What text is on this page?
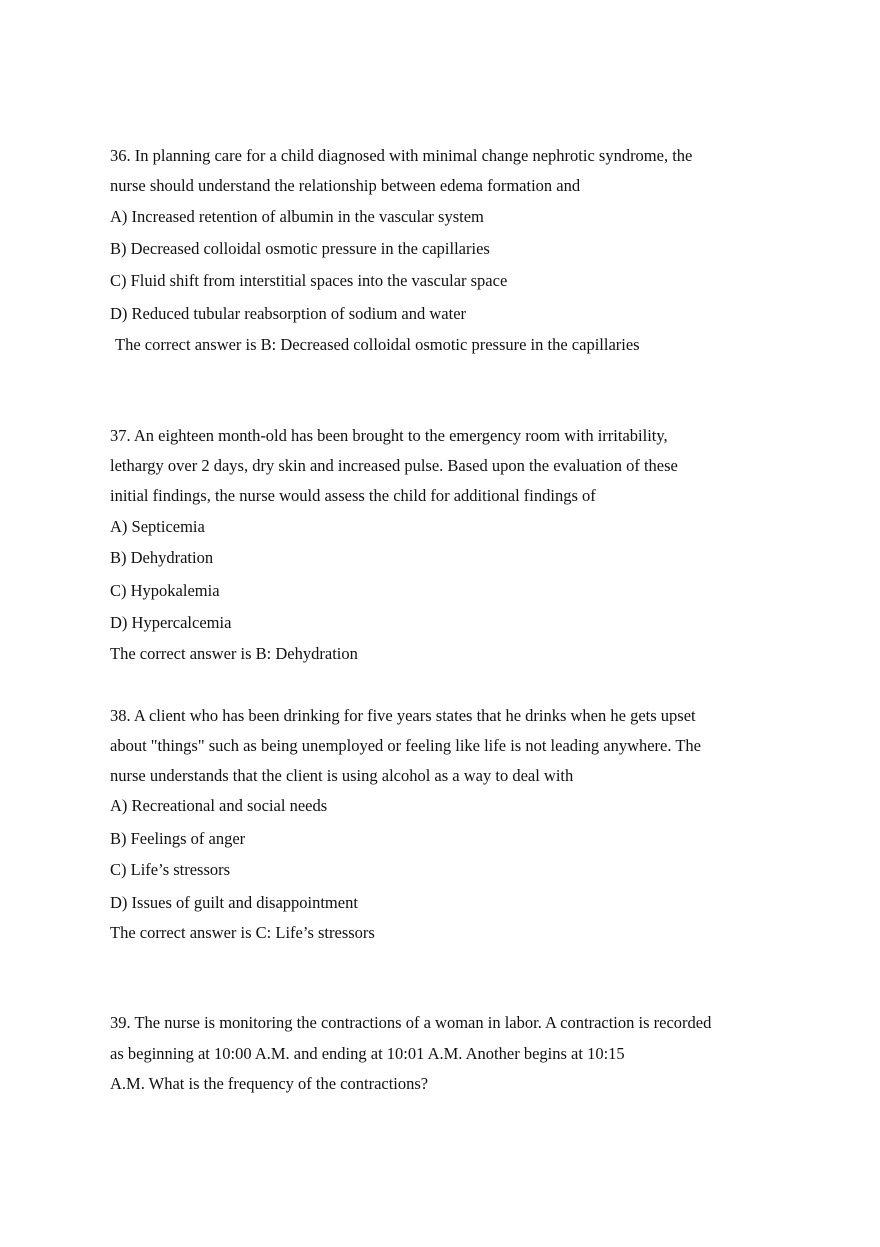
36. In planning care for a child diagnosed with minimal change nephrotic syndrome, the
nurse should understand the relationship between edema formation and
A) Increased retention of albumin in the vascular system
B) Decreased colloidal osmotic pressure in the capillaries
C) Fluid shift from interstitial spaces into the vascular space
D) Reduced tubular reabsorption of sodium and water
The correct answer is B: Decreased colloidal osmotic pressure in the capillaries
37. An eighteen month-old has been brought to the emergency room with irritability,
lethargy over 2 days, dry skin and increased pulse. Based upon the evaluation of these
initial findings, the nurse would assess the child for additional findings of
A) Septicemia
B) Dehydration
C) Hypokalemia
D) Hypercalcemia
The correct answer is B: Dehydration
38. A client who has been drinking for five years states that he drinks when he gets upset
about "things" such as being unemployed or feeling like life is not leading anywhere. The
nurse understands that the client is using alcohol as a way to deal with
A) Recreational and social needs
B) Feelings of anger
C) Life’s stressors
D) Issues of guilt and disappointment
The correct answer is C: Life’s stressors
39. The nurse is monitoring the contractions of a woman in labor. A contraction is recorded
as beginning at 10:00 A.M. and ending at 10:01 A.M. Another begins at 10:15
A.M. What is the frequency of the contractions?
